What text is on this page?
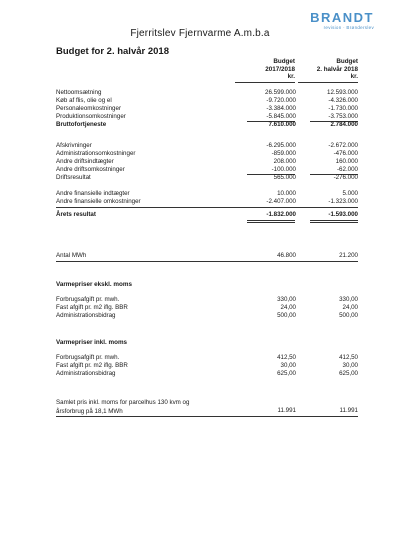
Fjerritslev Fjernvarme A.m.b.a
BRANDT
revision · Brønderslev
Budget for 2. halvår 2018
Budget
2017/2018
kr.
Budget
2. halvår 2018
kr.
Nettoomsætning	26.599.000	12.593.000
Køb af flis, olie og el	-9.720.000	-4.326.000
Personaleomkostninger	-3.384.000	-1.730.000
Produktionsomkostninger	-5.845.000	-3.753.000
Bruttofortjeneste	7.610.000	2.784.000
Afskrivninger	-6.295.000	-2.672.000
Administrationsomkostninger	-859.000	-476.000
Andre driftsindtægter	208.000	160.000
Andre driftsomkostninger	-100.000	-62.000
Driftsresultat	565.000	-276.000
Andre finansielle indtægter	10.000	5.000
Andre finansielle omkostninger	-2.407.000	-1.323.000
Årets resultat	-1.832.000	-1.593.000
Antal MWh	46.800	21.200
Varmepriser ekskl. moms
Forbrugsafgift pr. mwh.	330,00	330,00
Fast afgift pr. m2 iflg. BBR	24,00	24,00
Administrationsbidrag	500,00	500,00
Varmepriser inkl. moms
Forbrugsafgift pr. mwh.	412,50	412,50
Fast afgift pr. m2 iflg. BBR	30,00	30,00
Administrationsbidrag	625,00	625,00
Samlet pris inkl. moms for parcelhus 130 kvm og
årsforbrug på 18,1 MWh	11.991	11.991
